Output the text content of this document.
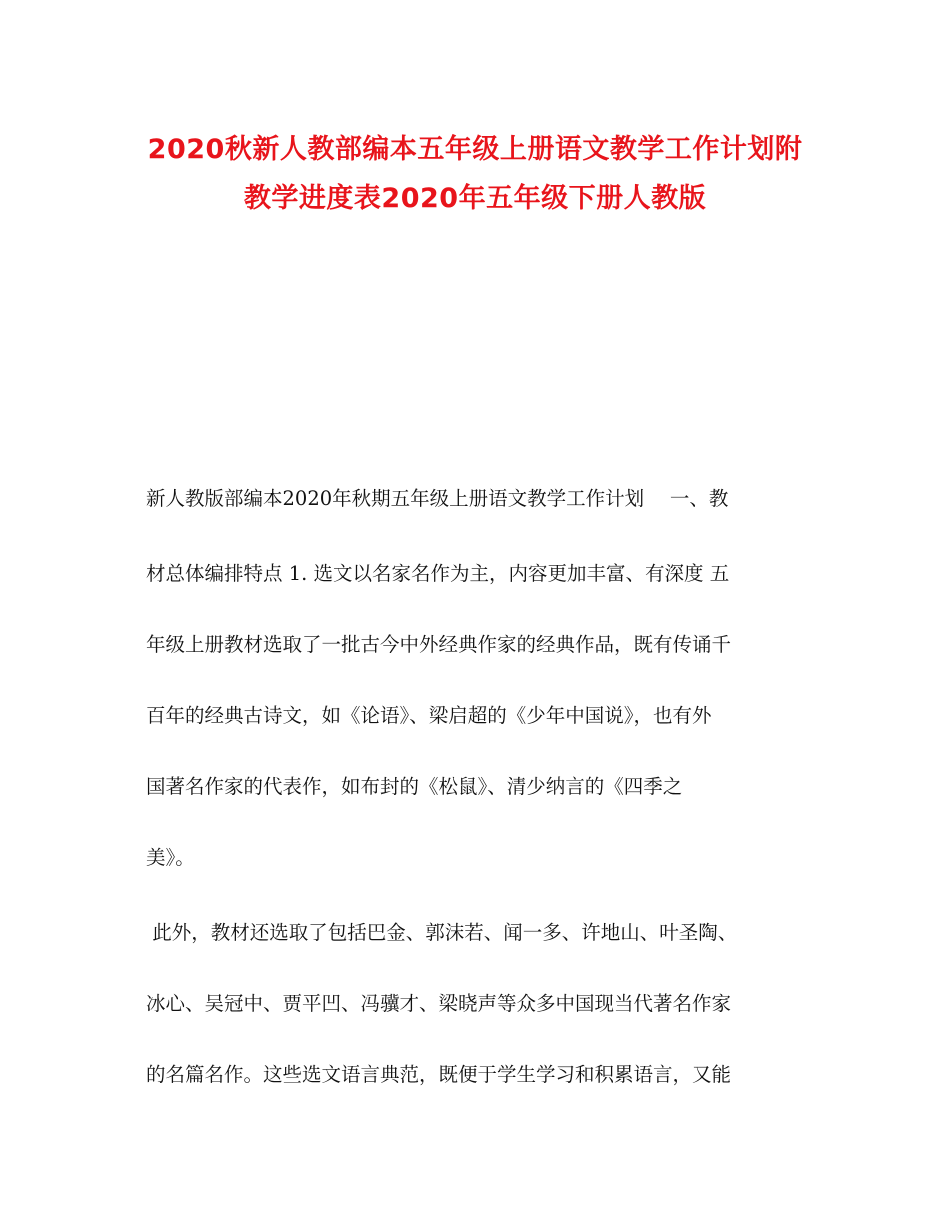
2020秋新人教部编本五年级上册语文教学工作计划附
教学进度表2020年五年级下册人教版
新人教版部编本2020年秋期五年级上册语文教学工作计划　 一、教
材总体编排特点 1. 选文以名家名作为主，内容更加丰富、有深度 五
年级上册教材选取了一批古今中外经典作家的经典作品，既有传诵千
百年的经典古诗文，如《论语》、梁启超的《少年中国说》，也有外
国著名作家的代表作，如布封的《松鼠》、清少纳言的《四季之
美》。
此外，教材还选取了包括巴金、郭沫若、闻一多、许地山、叶圣陶、
冰心、吴冠中、贾平凹、冯骥才、梁晓声等众多中国现当代著名作家
的名篇名作。这些选文语言典范，既便于学生学习和积累语言，又能
